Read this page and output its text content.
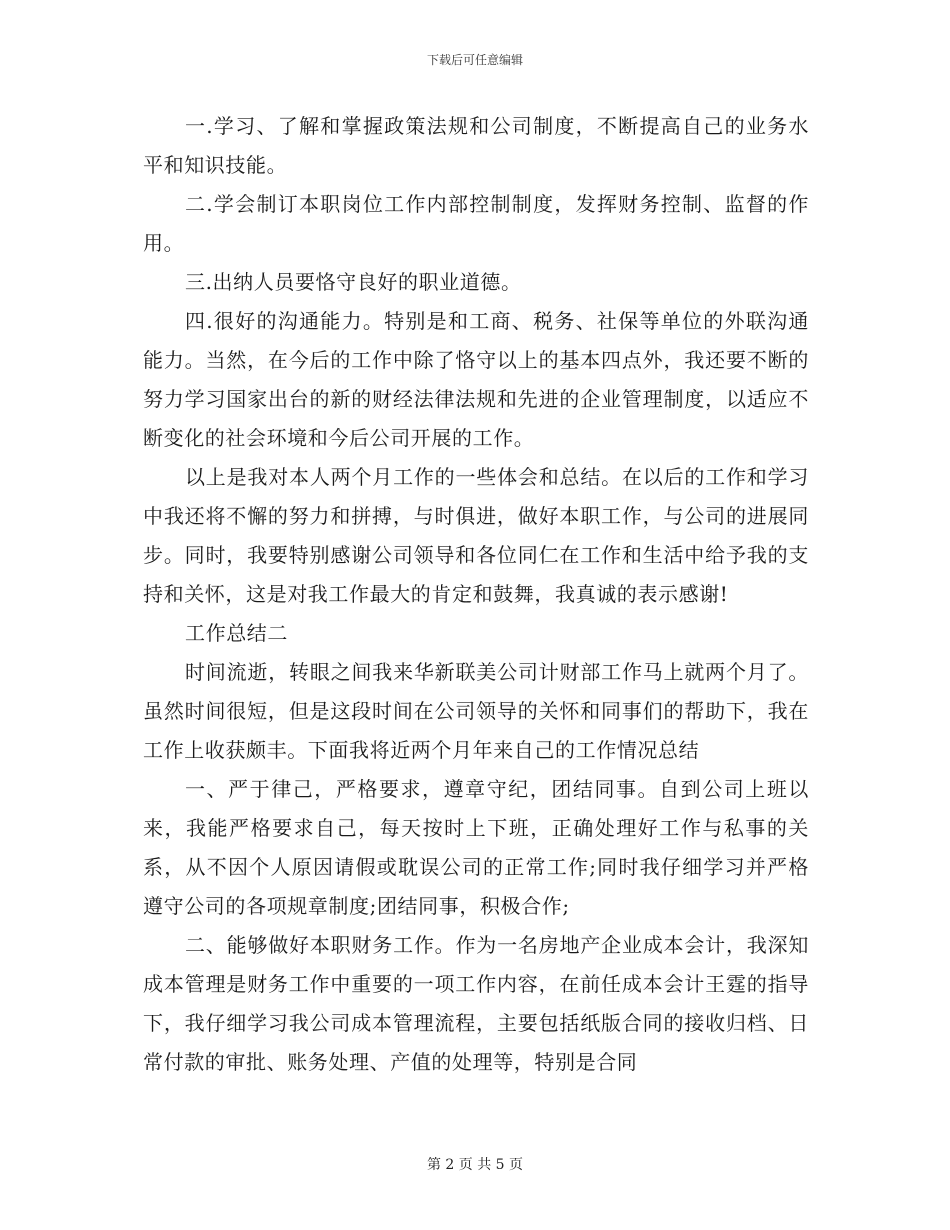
下载后可任意编辑

一.学习、了解和掌握政策法规和公司制度，不断提高自己的业务水平和知识技能。

二.学会制订本职岗位工作内部控制制度，发挥财务控制、监督的作用。

三.出纳人员要恪守良好的职业道德。

四.很好的沟通能力。特别是和工商、税务、社保等单位的外联沟通能力。当然，在今后的工作中除了恪守以上的基本四点外，我还要不断的努力学习国家出台的新的财经法律法规和先进的企业管理制度，以适应不断变化的社会环境和今后公司开展的工作。

以上是我对本人两个月工作的一些体会和总结。在以后的工作和学习中我还将不懈的努力和拼搏，与时俱进，做好本职工作，与公司的进展同步。同时，我要特别感谢公司领导和各位同仁在工作和生活中给予我的支持和关怀，这是对我工作最大的肯定和鼓舞，我真诚的表示感谢!

工作总结二

时间流逝，转眼之间我来华新联美公司计财部工作马上就两个月了。虽然时间很短，但是这段时间在公司领导的关怀和同事们的帮助下，我在工作上收获颇丰。下面我将近两个月年来自己的工作情况总结

一、严于律己，严格要求，遵章守纪，团结同事。自到公司上班以来，我能严格要求自己，每天按时上下班，正确处理好工作与私事的关系，从不因个人原因请假或耽误公司的正常工作;同时我仔细学习并严格遵守公司的各项规章制度;团结同事，积极合作;

二、能够做好本职财务工作。作为一名房地产企业成本会计，我深知成本管理是财务工作中重要的一项工作内容，在前任成本会计王霆的指导下，我仔细学习我公司成本管理流程，主要包括纸版合同的接收归档、日常付款的审批、账务处理、产值的处理等，特别是合同

第 2 页 共 5 页
